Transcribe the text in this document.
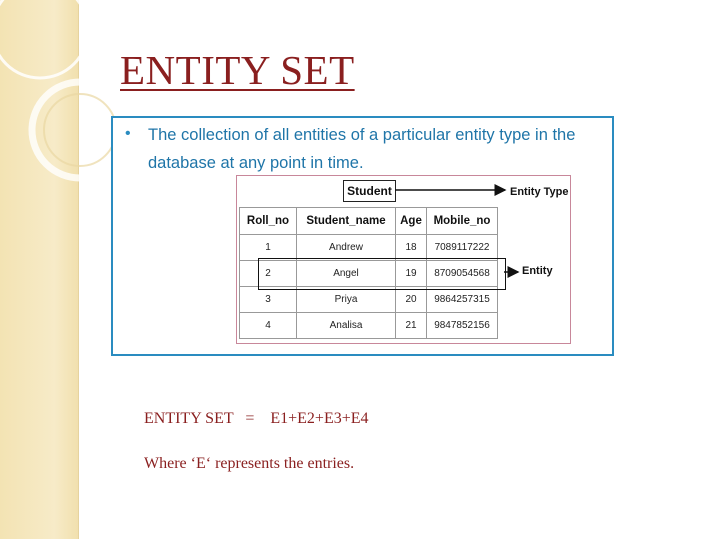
ENTITY SET
• The collection of all entities of a particular entity type in the database at any point in time.
Student	Entity Type
Entity
Roll_no	Student_name	Age	Mobile_no
1	Andrew	18	7089117222
2	Angel	19	8709054568
3	Priya	20	9864257315
4	Analisa	21	9847852156
ENTITY SET   =    E1+E2+E3+E4
Where ‘E‘ represents the entries.
